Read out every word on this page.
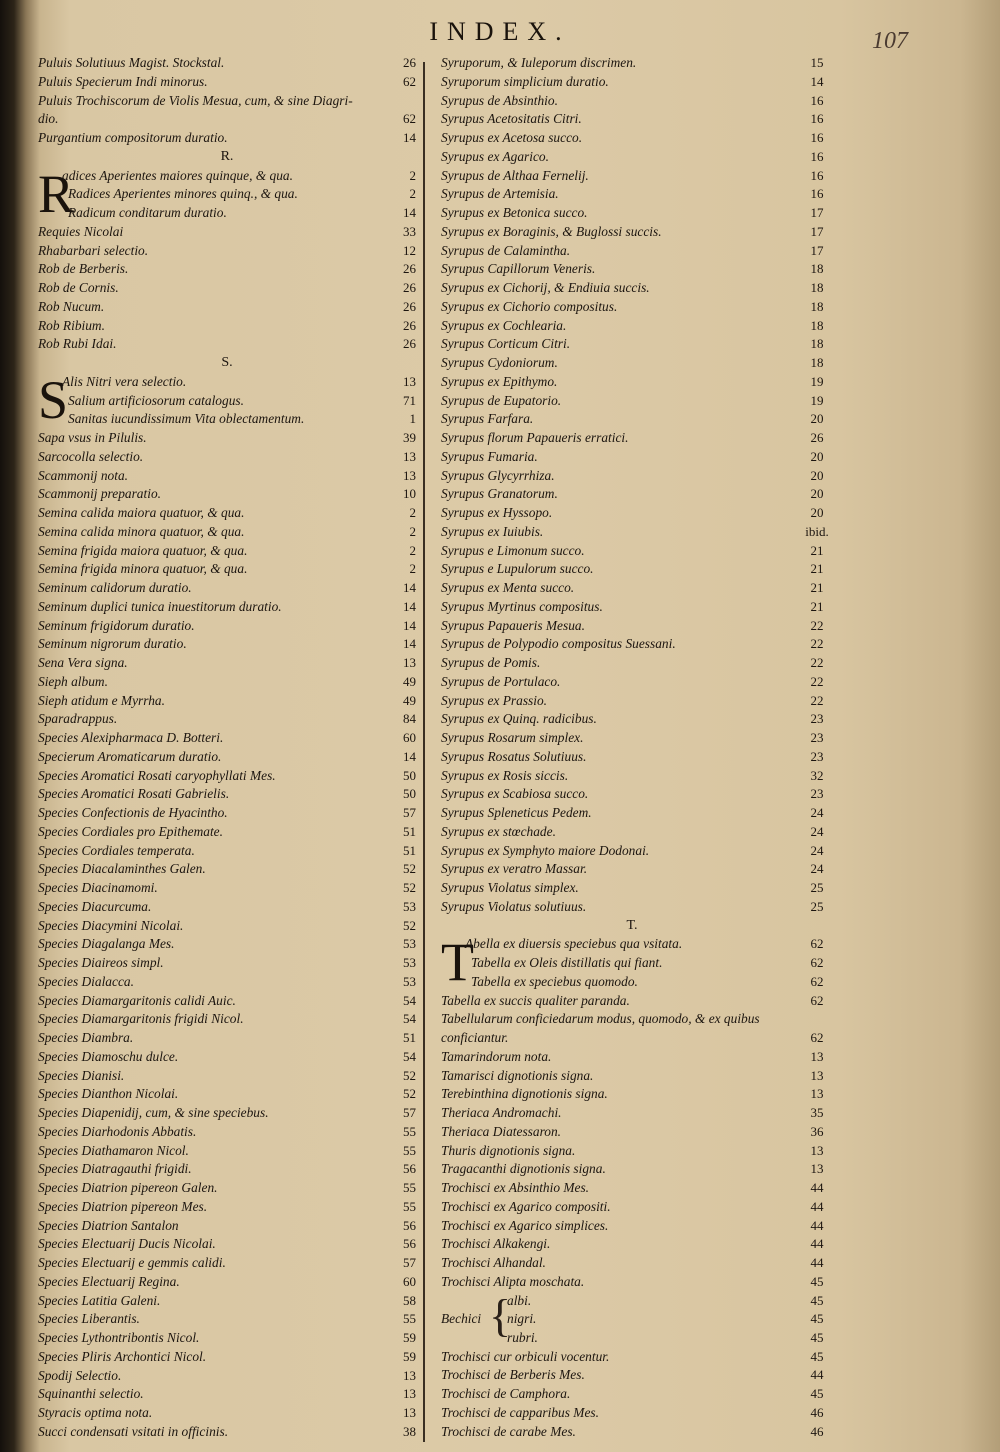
INDEX.	107
Puluis Solutiuus Magist. Stockstal.	26
Puluis Specierum Indi minorus.	62
Puluis Trochiscorum de Violis Mesua, cum, & sine Diagri-
dio.	62
Purgantium compositorum duratio.	14
R.
R
adices Aperientes maiores quinque, & qua.	2
Radices Aperientes minores quinq., & qua.	2
Radicum conditarum duratio.	14
Requies Nicolai	33
Rhabarbari selectio.	12
Rob de Berberis.	26
Rob de Cornis.	26
Rob Nucum.	26
Rob Ribium.	26
Rob Rubi Idai.	26
S.
S
Alis Nitri vera selectio.	13
Salium artificiosorum catalogus.	71
Sanitas iucundissimum Vita oblectamentum.	1
Sapa vsus in Pilulis.	39
Sarcocolla selectio.	13
Scammonij nota.	13
Scammonij preparatio.	10
Semina calida maiora quatuor, & qua.	2
Semina calida minora quatuor, & qua.	2
Semina frigida maiora quatuor, & qua.	2
Semina frigida minora quatuor, & qua.	2
Seminum calidorum duratio.	14
Seminum duplici tunica inuestitorum duratio.	14
Seminum frigidorum duratio.	14
Seminum nigrorum duratio.	14
Sena Vera signa.	13
Sieph album.	49
Sieph atidum e Myrrha.	49
Sparadrappus.	84
Species Alexipharmaca D. Botteri.	60
Specierum Aromaticarum duratio.	14
Species Aromatici Rosati caryophyllati Mes.	50
Species Aromatici Rosati Gabrielis.	50
Species Confectionis de Hyacintho.	57
Species Cordiales pro Epithemate.	51
Species Cordiales temperata.	51
Species Diacalaminthes Galen.	52
Species Diacinamomi.	52
Species Diacurcuma.	53
Species Diacymini Nicolai.	52
Species Diagalanga Mes.	53
Species Diaireos simpl.	53
Species Dialacca.	53
Species Diamargaritonis calidi Auic.	54
Species Diamargaritonis frigidi Nicol.	54
Species Diambra.	51
Species Diamoschu dulce.	54
Species Dianisi.	52
Species Dianthon Nicolai.	52
Species Diapenidij, cum, & sine speciebus.	57
Species Diarhodonis Abbatis.	55
Species Diathamaron Nicol.	55
Species Diatragauthi frigidi.	56
Species Diatrion pipereon Galen.	55
Species Diatrion pipereon Mes.	55
Species Diatrion Santalon	56
Species Electuarij Ducis Nicolai.	56
Species Electuarij e gemmis calidi.	57
Species Electuarij Regina.	60
Species Latitia Galeni.	58
Species Liberantis.	55
Species Lythontribontis Nicol.	59
Species Pliris Archontici Nicol.	59
Spodij Selectio.	13
Squinanthi selectio.	13
Styracis optima nota.	13
Succi condensati vsitati in officinis.	38
Syruporum, & Iuleporum discrimen.	15
Syruporum simplicium duratio.	14
Syrupus de Absinthio.	16
Syrupus Acetositatis Citri.	16
Syrupus ex Acetosa succo.	16
Syrupus ex Agarico.	16
Syrupus de Althaa Fernelij.	16
Syrupus de Artemisia.	16
Syrupus ex Betonica succo.	17
Syrupus ex Boraginis, & Buglossi succis.	17
Syrupus de Calamintha.	17
Syrupus Capillorum Veneris.	18
Syrupus ex Cichorij, & Endiuia succis.	18
Syrupus ex Cichorio compositus.	18
Syrupus ex Cochlearia.	18
Syrupus Corticum Citri.	18
Syrupus Cydoniorum.	18
Syrupus ex Epithymo.	19
Syrupus de Eupatorio.	19
Syrupus Farfara.	20
Syrupus florum Papaueris erratici.	26
Syrupus Fumaria.	20
Syrupus Glycyrrhiza.	20
Syrupus Granatorum.	20
Syrupus ex Hyssopo.	20
Syrupus ex Iuiubis.	ibid.
Syrupus e Limonum succo.	21
Syrupus e Lupulorum succo.	21
Syrupus ex Menta succo.	21
Syrupus Myrtinus compositus.	21
Syrupus Papaueris Mesua.	22
Syrupus de Polypodio compositus Suessani.	22
Syrupus de Pomis.	22
Syrupus de Portulaco.	22
Syrupus ex Prassio.	22
Syrupus ex Quinq. radicibus.	23
Syrupus Rosarum simplex.	23
Syrupus Rosatus Solutiuus.	23
Syrupus ex Rosis siccis.	32
Syrupus ex Scabiosa succo.	23
Syrupus Spleneticus Pedem.	24
Syrupus ex stœchade.	24
Syrupus ex Symphyto maiore Dodonai.	24
Syrupus ex veratro Massar.	24
Syrupus Violatus simplex.	25
Syrupus Violatus solutiuus.	25
T.
T
Abella ex diuersis speciebus qua vsitata.	62
Tabella ex Oleis distillatis qui fiant.	62
Tabella ex speciebus quomodo.	62
Tabella ex succis qualiter paranda.	62
Tabellularum conficiedarum modus, quomodo, & ex quibus
conficiantur.	62
Tamarindorum nota.	13
Tamarisci dignotionis signa.	13
Terebinthina dignotionis signa.	13
Theriaca Andromachi.	35
Theriaca Diatessaron.	36
Thuris dignotionis signa.	13
Tragacanthi dignotionis signa.	13
Trochisci ex Absinthio Mes.	44
Trochisci ex Agarico compositi.	44
Trochisci ex Agarico simplices.	44
Trochisci Alkakengi.	44
Trochisci Alhandal.	44
Trochisci Alipta moschata.	45
Bechici {
albi.	45
nigri.	45
rubri.	45
Trochisci cur orbiculi vocentur.	45
Trochisci de Berberis Mes.	44
Trochisci de Camphora.	45
Trochisci de capparibus Mes.	46
Trochisci de carabe Mes.	46
